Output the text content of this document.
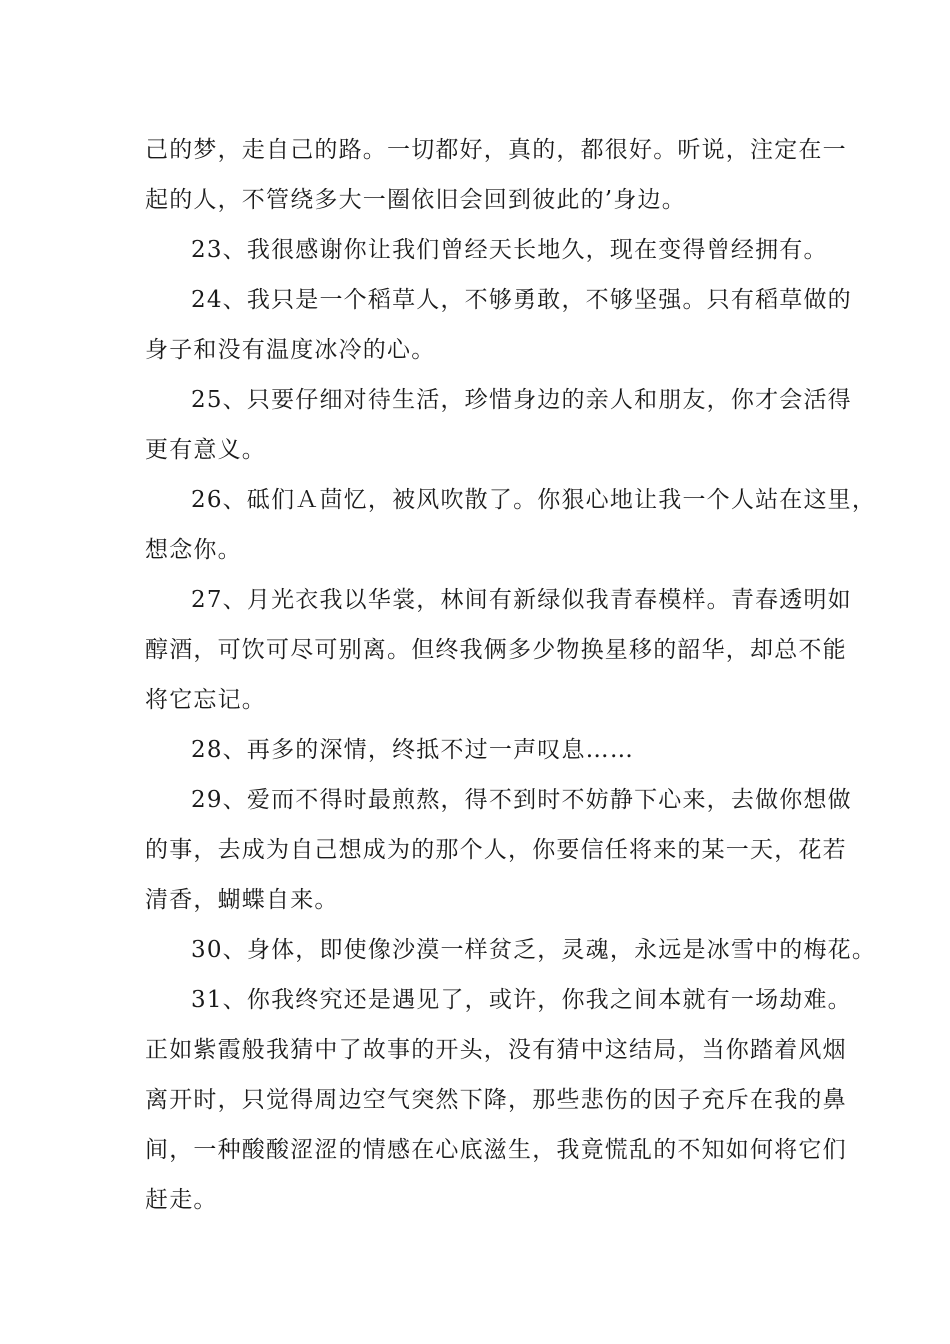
己的梦，走自己的路。一切都好，真的，都很好。听说，注定在一
起的人，不管绕多大一圈依旧会回到彼此的’身边。
23、我很感谢你让我们曾经天长地久，现在变得曾经拥有。
24、我只是一个稻草人，不够勇敢，不够坚强。只有稻草做的
身子和没有温度冰冷的心。
25、只要仔细对待生活，珍惜身边的亲人和朋友，你才会活得
更有意义。
26、砥们Ａ茴忆，被风吹散了。你狠心地让我一个人站在这里，
想念你。
27、月光衣我以华裳，林间有新绿似我青春模样。青春透明如
醇酒，可饮可尽可别离。但终我俩多少物换星移的韶华，却总不能
将它忘记。
28、再多的深情，终抵不过一声叹息……
29、爱而不得时最煎熬，得不到时不妨静下心来，去做你想做
的事，去成为自己想成为的那个人，你要信任将来的某一天，花若
清香，蝴蝶自来。
30、身体，即使像沙漠一样贫乏，灵魂，永远是冰雪中的梅花。
31、你我终究还是遇见了，或许，你我之间本就有一场劫难。
正如紫霞般我猜中了故事的开头，没有猜中这结局，当你踏着风烟
离开时，只觉得周边空气突然下降，那些悲伤的因子充斥在我的鼻
间，一种酸酸涩涩的情感在心底滋生，我竟慌乱的不知如何将它们
赶走。
